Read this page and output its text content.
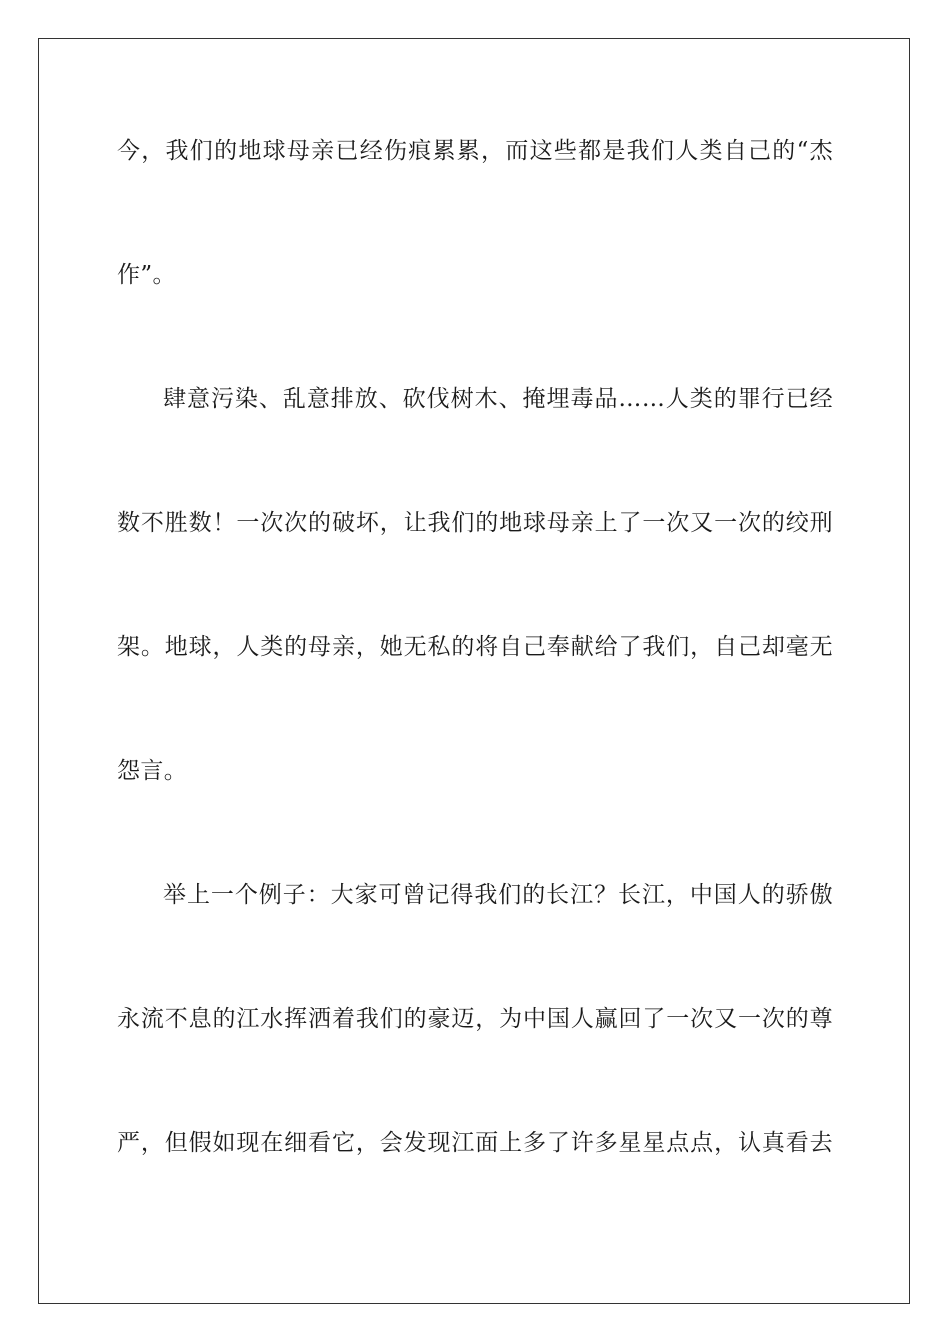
今，我们的地球母亲已经伤痕累累，而这些都是我们人类自己的“杰
作”。
肆意污染、乱意排放、砍伐树木、掩埋毒品……人类的罪行已经
数不胜数！一次次的破坏，让我们的地球母亲上了一次又一次的绞刑
架。地球，人类的母亲，她无私的将自己奉献给了我们，自己却毫无
怨言。
举上一个例子：大家可曾记得我们的长江？长江，中国人的骄傲
永流不息的江水挥洒着我们的豪迈，为中国人赢回了一次又一次的尊
严，但假如现在细看它，会发现江面上多了许多星星点点，认真看去
